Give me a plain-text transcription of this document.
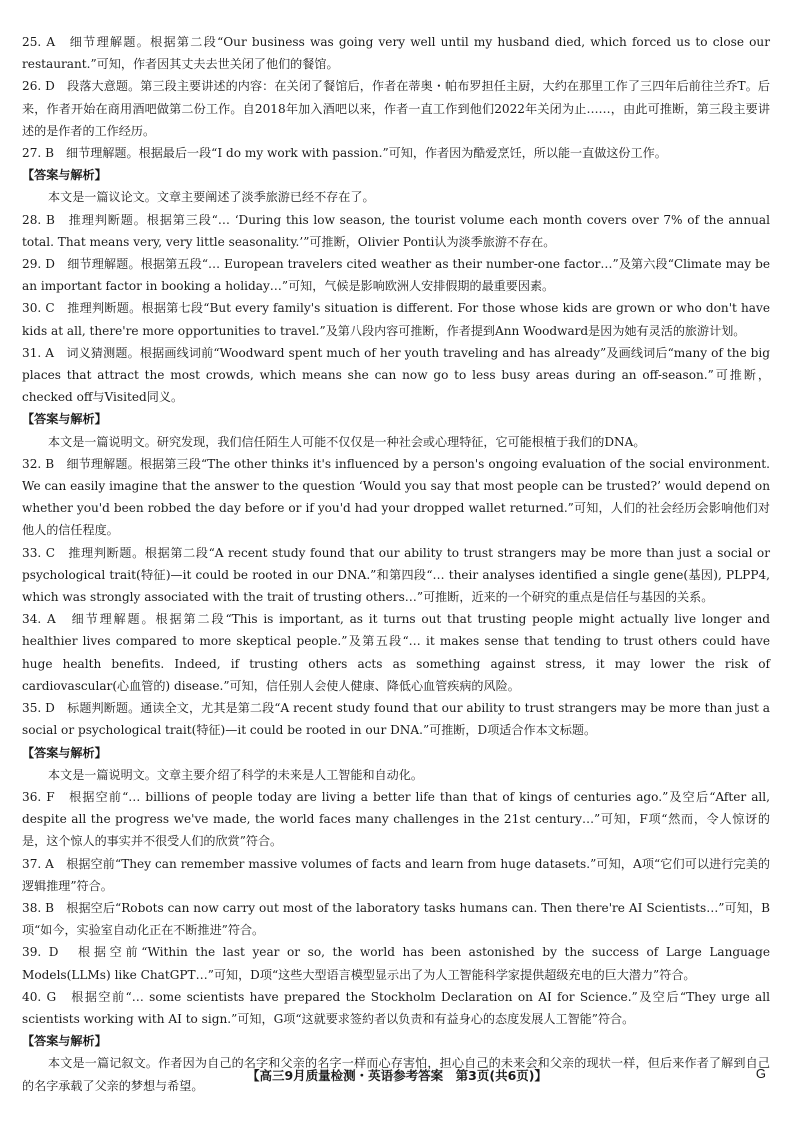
25. A　细节理解题。根据第二段“Our business was going very well until my husband died, which forced us to close our restaurant.”可知，作者因其丈夫去世关闭了他们的餐馆。

26. D　段落大意题。第三段主要讲述的内容：在关闭了餐馆后，作者在蒂奥・帕布罗担任主厨，大约在那里工作了三四年后前往兰乔T。后来，作者开始在商用酒吧做第二份工作。自2018年加入酒吧以来，作者一直工作到他们2022年关闭为止……，由此可推断，第三段主要讲述的是作者的工作经历。

27. B　细节理解题。根据最后一段“I do my work with passion.”可知，作者因为酷爱烹饪，所以能一直做这份工作。

【答案与解析】

本文是一篇议论文。文章主要阐述了淡季旅游已经不存在了。

28. B　推理判断题。根据第三段“… ‘During this low season, the tourist volume each month covers over 7% of the annual total. That means very, very little seasonality.’”可推断，Olivier Ponti认为淡季旅游不存在。

29. D　细节理解题。根据第五段“… European travelers cited weather as their number-one factor…”及第六段“Climate may be an important factor in booking a holiday…”可知，气候是影响欧洲人安排假期的最重要因素。

30. C　推理判断题。根据第七段“But every family's situation is different. For those whose kids are grown or who don't have kids at all, there're more opportunities to travel.”及第八段内容可推断，作者提到Ann Woodward是因为她有灵活的旅游计划。

31. A　词义猜测题。根据画线词前“Woodward spent much of her youth traveling and has already”及画线词后“many of the big places that attract the most crowds, which means she can now go to less busy areas during an off-season.”可推断，checked off与Visited同义。

【答案与解析】

本文是一篇说明文。研究发现，我们信任陌生人可能不仅仅是一种社会或心理特征，它可能根植于我们的DNA。

32. B　细节理解题。根据第三段“The other thinks it's influenced by a person's ongoing evaluation of the social environment. We can easily imagine that the answer to the question ‘Would you say that most people can be trusted?’ would depend on whether you'd been robbed the day before or if you'd had your dropped wallet returned.”可知，人们的社会经历会影响他们对他人的信任程度。

33. C　推理判断题。根据第二段“A recent study found that our ability to trust strangers may be more than just a social or psychological trait(特征)—it could be rooted in our DNA.”和第四段“… their analyses identified a single gene(基因), PLPP4, which was strongly associated with the trait of trusting others…”可推断，近来的一个研究的重点是信任与基因的关系。

34. A　细节理解题。根据第二段“This is important, as it turns out that trusting people might actually live longer and healthier lives compared to more skeptical people.”及第五段“… it makes sense that tending to trust others could have huge health benefits. Indeed, if trusting others acts as something against stress, it may lower the risk of cardiovascular(心血管的) disease.”可知，信任别人会使人健康、降低心血管疾病的风险。

35. D　标题判断题。通读全文，尤其是第二段“A recent study found that our ability to trust strangers may be more than just a social or psychological trait(特征)—it could be rooted in our DNA.”可推断，D项适合作本文标题。

【答案与解析】

本文是一篇说明文。文章主要介绍了科学的未来是人工智能和自动化。

36. F　根据空前“… billions of people today are living a better life than that of kings of centuries ago.”及空后“After all, despite all the progress we've made, the world faces many challenges in the 21st century…”可知，F项“然而，令人惊讶的是，这个惊人的事实并不很受人们的欣赏”符合。

37. A　根据空前“They can remember massive volumes of facts and learn from huge datasets.”可知，A项“它们可以进行完美的逻辑推理”符合。

38. B　根据空后“Robots can now carry out most of the laboratory tasks humans can. Then there're AI Scientists…”可知，B项“如今，实验室自动化正在不断推进”符合。

39. D　根据空前“Within the last year or so, the world has been astonished by the success of Large Language Models(LLMs) like ChatGPT…”可知，D项“这些大型语言模型显示出了为人工智能科学家提供超级充电的巨大潜力”符合。

40. G　根据空前“… some scientists have prepared the Stockholm Declaration on AI for Science.”及空后“They urge all scientists working with AI to sign.”可知，G项“这就要求签約者以负责和有益身心的态度发展人工智能”符合。

【答案与解析】

本文是一篇记叙文。作者因为自己的名字和父亲的名字一样而心存害怕，担心自己的未来会和父亲的现状一样，但后来作者了解到自己的名字承载了父亲的梦想与希望。

【高三9月质量检测・英语参考答案　第3页(共6页)】	G
